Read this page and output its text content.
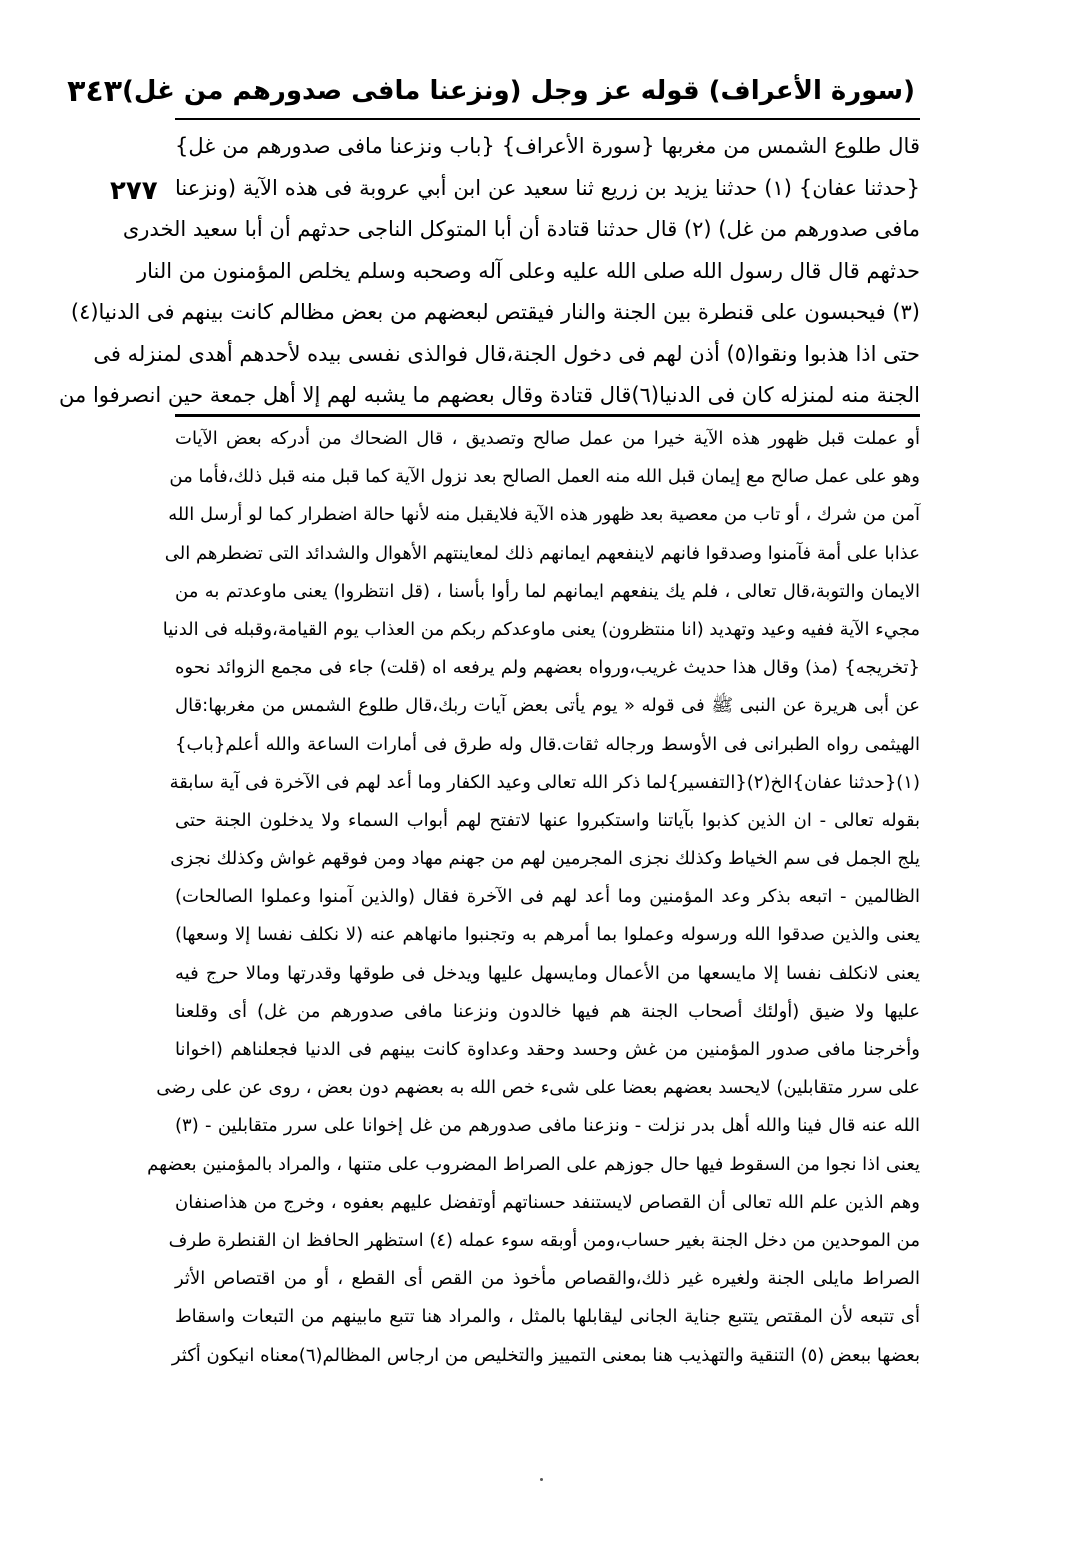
(سورة الأعراف) قوله عز وجل (ونزعنا مافى صدورهم من غل)
٣٤٣
٢٧٧
قال طلوع الشمس من مغربها {سورة الأعراف} {باب ونزعنا مافى صدورهم من غل}
{حدثنا عفان} (١) حدثنا يزيد بن زريع ثنا سعيد عن ابن أبي عروبة فى هذه الآية (ونزعنا
مافى صدورهم من غل) (٢) قال حدثنا قتادة أن أبا المتوكل الناجى حدثهم أن أبا سعيد الخدرى
حدثهم قال قال رسول الله صلى الله عليه وعلى آله وصحبه وسلم يخلص المؤمنون من النار
(٣) فيحبسون على قنطرة بين الجنة والنار فيقتص لبعضهم من بعض مظالم كانت بينهم فى الدنيا(٤)
حتى اذا هذبوا ونقوا(٥) أذن لهم فى دخول الجنة،قال فوالذى نفسى بيده لأحدهم أهدى لمنزله فى
الجنة منه لمنزله كان فى الدنيا(٦)قال قتادة وقال بعضهم ما يشبه لهم إلا أهل جمعة حين انصرفوا من
أو عملت قبل ظهور هذه الآية خيرا من عمل صالح وتصديق ، قال الضحاك من أدركه بعض الآيات
وهو على عمل صالح مع إيمان قبل الله منه العمل الصالح بعد نزول الآية كما قبل منه قبل ذلك،فأما من
آمن من شرك ، أو تاب من معصية بعد ظهور هذه الآية فلايقبل منه لأنها حالة اضطرار كما لو أرسل الله
عذابا على أمة فآمنوا وصدقوا فانهم لاينفعهم ايمانهم ذلك لمعاينتهم الأهوال والشدائد التى تضطرهم الى
الايمان والتوبة،قال تعالى ، فلم يك ينفعهم ايمانهم لما رأوا بأسنا ، (قل انتظروا) يعنى ماوعدتم به من
مجيء الآية ففيه وعيد وتهديد (انا منتظرون) يعنى ماوعدكم ربكم من العذاب يوم القيامة،وقبله فى الدنيا
{تخريجه} (مذ) وقال هذا حديث غريب،ورواه بعضهم ولم يرفعه اه (قلت) جاء فى مجمع الزوائد نحوه
عن أبى هريرة عن النبى ﷺ فى قوله « يوم يأتى بعض آيات ربك،قال طلوع الشمس من مغربها:قال
الهيثمى رواه الطبرانى فى الأوسط ورجاله ثقات.قال وله طرق فى أمارات الساعة والله أعلم{باب}
(١){حدثنا عفان}الخ(٢){التفسير}لما ذكر الله تعالى وعيد الكفار وما أعد لهم فى الآخرة فى آية سابقة
بقوله تعالى - ان الذين كذبوا بآياتنا واستكبروا عنها لاتفتح لهم أبواب السماء ولا يدخلون الجنة حتى
يلج الجمل فى سم الخياط وكذلك نجزى المجرمين لهم من جهنم مهاد ومن فوقهم غواش وكذلك نجزى
الظالمين - اتبعه بذكر وعد المؤمنين وما أعد لهم فى الآخرة فقال (والذين آمنوا وعملوا الصالحات)
يعنى والذين صدقوا الله ورسوله وعملوا بما أمرهم به وتجنبوا مانهاهم عنه (لا نكلف نفسا إلا وسعها)
يعنى لانكلف نفسا إلا مايسعها من الأعمال ومايسهل عليها ويدخل فى طوقها وقدرتها ومالا حرج فيه
عليها ولا ضيق (أولئك أصحاب الجنة هم فيها خالدون ونزعنا مافى صدورهم من غل) أى وقلعنا
وأخرجنا مافى صدور المؤمنين من غش وحسد وحقد وعداوة كانت بينهم فى الدنيا فجعلناهم (اخوانا
على سرر متقابلين) لايحسد بعضهم بعضا على شىء خص الله به بعضهم دون بعض ، روى عن على رضى
الله عنه قال فينا والله أهل بدر نزلت - ونزعنا مافى صدورهم من غل إخوانا على سرر متقابلين - (٣)
يعنى اذا نجوا من السقوط فيها حال جوزهم على الصراط المضروب على متنها ، والمراد بالمؤمنين بعضهم
وهم الذين علم الله تعالى أن القصاص لايستنفد حسناتهم أوتفضل عليهم بعفوه ، وخرج من هذاصنفان
من الموحدين من دخل الجنة بغير حساب،ومن أوبقه سوء عمله (٤) استظهر الحافظ ان القنطرة طرف
الصراط مايلى الجنة ولغيره غير ذلك،والقصاص مأخوذ من القص أى القطع ، أو من اقتصاص الأثر
أى تتبعه لأن المقتص يتتبع جناية الجانى ليقابلها بالمثل ، والمراد هنا تتبع مابينهم من التبعات واسقاط
بعضها ببعض (٥) التنقية والتهذيب هنا بمعنى التمييز والتخليص من ارجاس المظالم(٦)معناه انيكون أكثر
